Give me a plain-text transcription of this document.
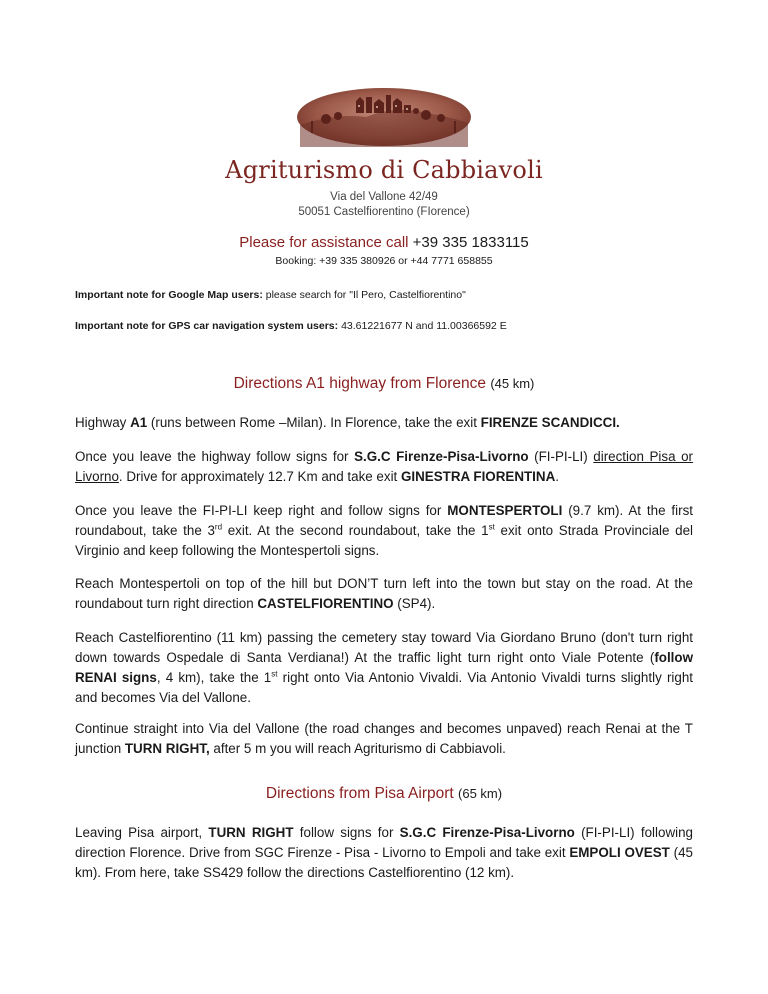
Agriturismo di Cabbiavoli
Via del Vallone 42/49
50051 Castelfiorentino (FIorence)
Please for assistance call +39 335 1833115
Booking: +39 335 380926 or +44 7771 658855
Important note for Google Map users: please search for "Il Pero, Castelfiorentino"
Important note for GPS car navigation system users: 43.61221677 N and 11.00366592 E
Directions A1 highway from Florence (45 km)

Highway A1 (runs between Rome –Milan). In Florence, take the exit FIRENZE SCANDICCI.

Once you leave the highway follow signs for S.G.C Firenze-Pisa-Livorno (FI-PI-LI) direction Pisa or Livorno. Drive for approximately 12.7 Km and take exit GINESTRA FIORENTINA.

Once you leave the FI-PI-LI keep right and follow signs for MONTESPERTOLI (9.7 km). At the first roundabout, take the 3rd exit. At the second roundabout, take the 1st exit onto Strada Provinciale del Virginio and keep following the Montespertoli signs.

Reach Montespertoli on top of the hill but DON’T turn left into the town but stay on the road. At the roundabout turn right direction CASTELFIORENTINO (SP4).

Reach Castelfiorentino (11 km) passing the cemetery stay toward Via Giordano Bruno (don't turn right down towards Ospedale di Santa Verdiana!) At the traffic light turn right onto Viale Potente (follow RENAI signs, 4 km), take the 1st right onto Via Antonio Vivaldi. Via Antonio Vivaldi turns slightly right and becomes Via del Vallone.

Continue straight into Via del Vallone (the road changes and becomes unpaved) reach Renai at the T junction TURN RIGHT, after 5 m you will reach Agriturismo di Cabbiavoli.

Directions from Pisa Airport (65 km)

Leaving Pisa airport, TURN RIGHT follow signs for S.G.C Firenze-Pisa-Livorno (FI-PI-LI) following direction Florence. Drive from SGC Firenze - Pisa - Livorno to Empoli and take exit EMPOLI OVEST (45 km). From here, take SS429 follow the directions Castelfiorentino (12 km).
